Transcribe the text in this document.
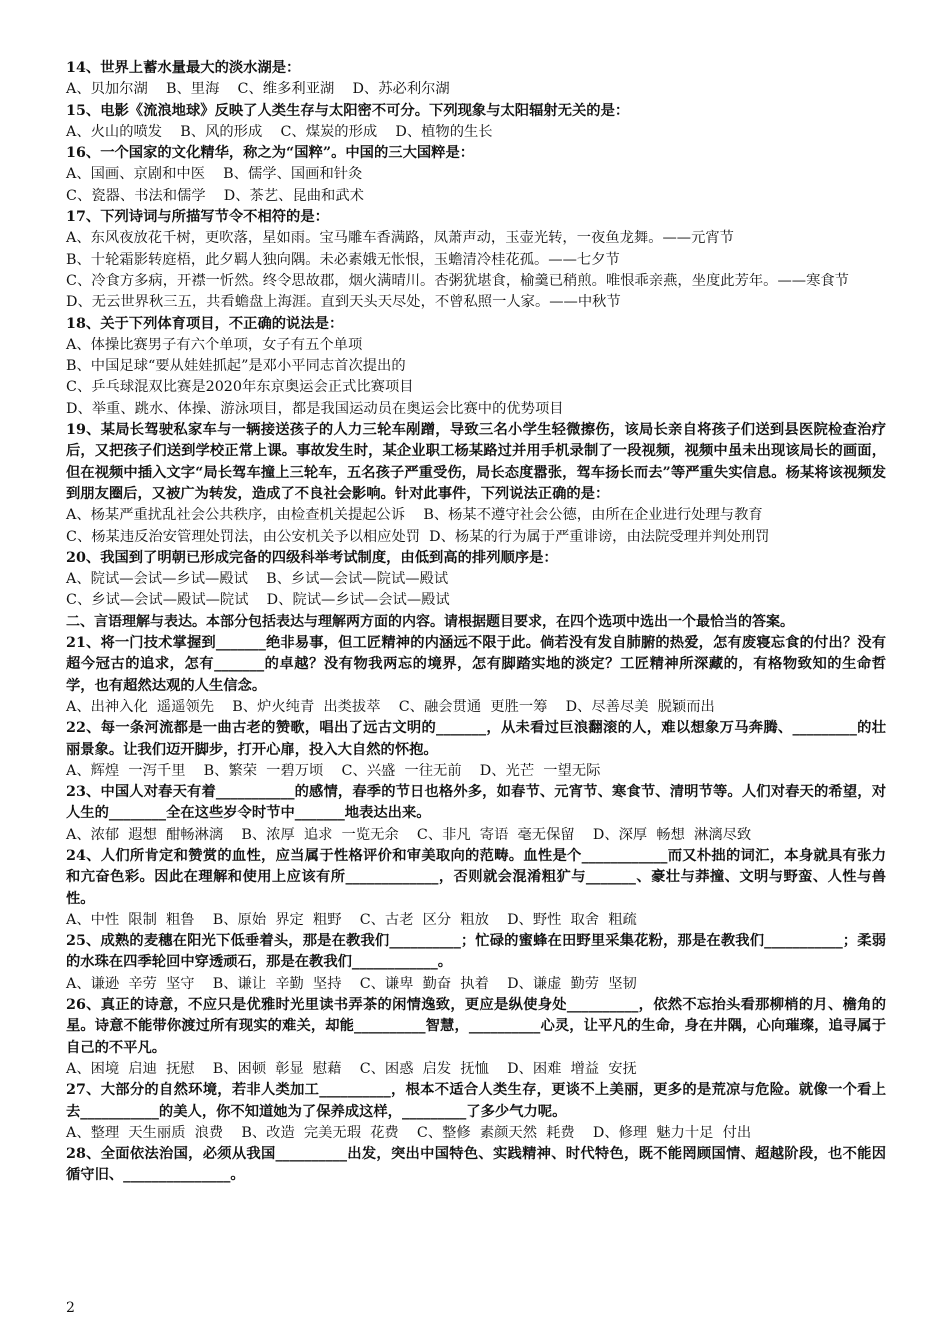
14、世界上蓄水量最大的淡水湖是：
A、贝加尔湖    B、里海    C、维多利亚湖    D、苏必利尔湖
15、电影《流浪地球》反映了人类生存与太阳密不可分。下列现象与太阳辐射无关的是：
A、火山的喷发    B、风的形成    C、煤炭的形成    D、植物的生长
16、一个国家的文化精华，称之为“国粹”。中国的三大国粹是：
A、国画、京剧和中医    B、儒学、国画和针灸
C、瓷器、书法和儒学    D、茶艺、昆曲和武术
17、下列诗词与所描写节令不相符的是：
A、东风夜放花千树，更吹落，星如雨。宝马雕车香满路，凤萧声动，玉壶光转，一夜鱼龙舞。——元宵节
B、十轮霜影转庭梧，此夕羁人独向隅。未必素娥无怅恨，玉蟾清冷桂花孤。——七夕节
C、冷食方多病，开襟一忻然。终令思故郡，烟火满晴川。杏粥犹堪食，榆羹已稍煎。唯恨乖亲燕，坐度此芳年。——寒食节
D、无云世界秋三五，共看蟾盘上海涯。直到天头天尽处，不曾私照一人家。——中秋节
18、关于下列体育项目，不正确的说法是：
A、体操比赛男子有六个单项，女子有五个单项
B、中国足球“要从娃娃抓起”是邓小平同志首次提出的
C、乒乓球混双比赛是2020年东京奥运会正式比赛项目
D、举重、跳水、体操、游泳项目，都是我国运动员在奥运会比赛中的优势项目
19、某局长驾驶私家车与一辆接送孩子的人力三轮车剐蹭，导致三名小学生轻微擦伤，该局长亲自将孩子们送到县医院检查治疗后，又把孩子们送到学校正常上课。事故发生时，某企业职工杨某路过并用手机录制了一段视频，视频中虽未出现该局长的画面，但在视频中插入文字“局长驾车撞上三轮车，五名孩子严重受伤，局长态度嚣张，驾车扬长而去”等严重失实信息。杨某将该视频发到朋友圈后，又被广为转发，造成了不良社会影响。针对此事件，下列说法正确的是：
A、杨某严重扰乱社会公共秩序，由检查机关提起公诉    B、杨某不遵守社会公德，由所在企业进行处理与教育
C、杨某违反治安管理处罚法，由公安机关予以相应处罚  D、杨某的行为属于严重诽谤，由法院受理并判处刑罚
20、我国到了明朝已形成完备的四级科举考试制度，由低到高的排列顺序是：
A、院试—会试—乡试—殿试    B、乡试—会试—院试—殿试
C、乡试—会试—殿试—院试    D、院试—乡试—会试—殿试
二、言语理解与表达。本部分包括表达与理解两方面的内容。请根据题目要求，在四个选项中选出一个最恰当的答案。
21、将一门技术掌握到_______绝非易事，但工匠精神的内涵远不限于此。倘若没有发自肺腑的热爱，怎有废寝忘食的付出？没有超今冠古的追求，怎有_______的卓越？没有物我两忘的境界，怎有脚踏实地的淡定？工匠精神所深藏的，有格物致知的生命哲学，也有超然达观的人生信念。
A、出神入化  遥遥领先    B、炉火纯青  出类拔萃    C、融会贯通  更胜一筹    D、尽善尽美  脱颖而出
22、每一条河流都是一曲古老的赞歌，唱出了远古文明的_______，从未看过巨浪翻滚的人，难以想象万马奔腾、_________的壮丽景象。让我们迈开脚步，打开心扉，投入大自然的怀抱。
A、辉煌  一泻千里    B、繁荣  一碧万顷    C、兴盛  一往无前    D、光芒  一望无际
23、中国人对春天有着___________的感情，春季的节日也格外多，如春节、元宵节、寒食节、清明节等。人们对春天的希望，对人生的________全在这些岁令时节中_______地表达出来。
A、浓郁  遐想  酣畅淋漓    B、浓厚  追求  一览无余    C、非凡  寄语  毫无保留    D、深厚  畅想  淋漓尽致
24、人们所肯定和赞赏的血性，应当属于性格评价和审美取向的范畴。血性是个____________而又朴拙的词汇，本身就具有张力和亢奋色彩。因此在理解和使用上应该有所_____________，否则就会混淆粗犷与_______、豪壮与莽撞、文明与野蛮、人性与兽性。
A、中性  限制  粗鲁    B、原始  界定  粗野    C、古老  区分  粗放    D、野性  取舍  粗疏
25、成熟的麦穗在阳光下低垂着头，那是在教我们__________；忙碌的蜜蜂在田野里采集花粉，那是在教我们___________；柔弱的水珠在四季轮回中穿透顽石，那是在教我们____________。
A、谦逊  辛劳  坚守    B、谦让  辛勤  坚持    C、谦卑  勤奋  执着    D、谦虚  勤劳  坚韧
26、真正的诗意，不应只是优雅时光里读书弄茶的闲情逸致，更应是纵使身处__________，依然不忘抬头看那柳梢的月、檐角的星。诗意不能带你渡过所有现实的难关，却能__________智慧，__________心灵，让平凡的生命，身在井隅，心向璀璨，追寻属于自己的不平凡。
A、困境  启迪  抚慰    B、困顿  彰显  慰藉    C、困惑  启发  抚恤    D、困难  增益  安抚
27、大部分的自然环境，若非人类加工__________，根本不适合人类生存，更谈不上美丽，更多的是荒凉与危险。就像一个看上去___________的美人，你不知道她为了保养成这样，_________了多少气力呢。
A、整理  天生丽质  浪费    B、改造  完美无瑕  花费    C、整修  素颜天然  耗费    D、修理  魅力十足  付出
28、全面依法治国，必须从我国__________出发，突出中国特色、实践精神、时代特色，既不能罔顾国情、超越阶段，也不能因循守旧、_______________。
2
